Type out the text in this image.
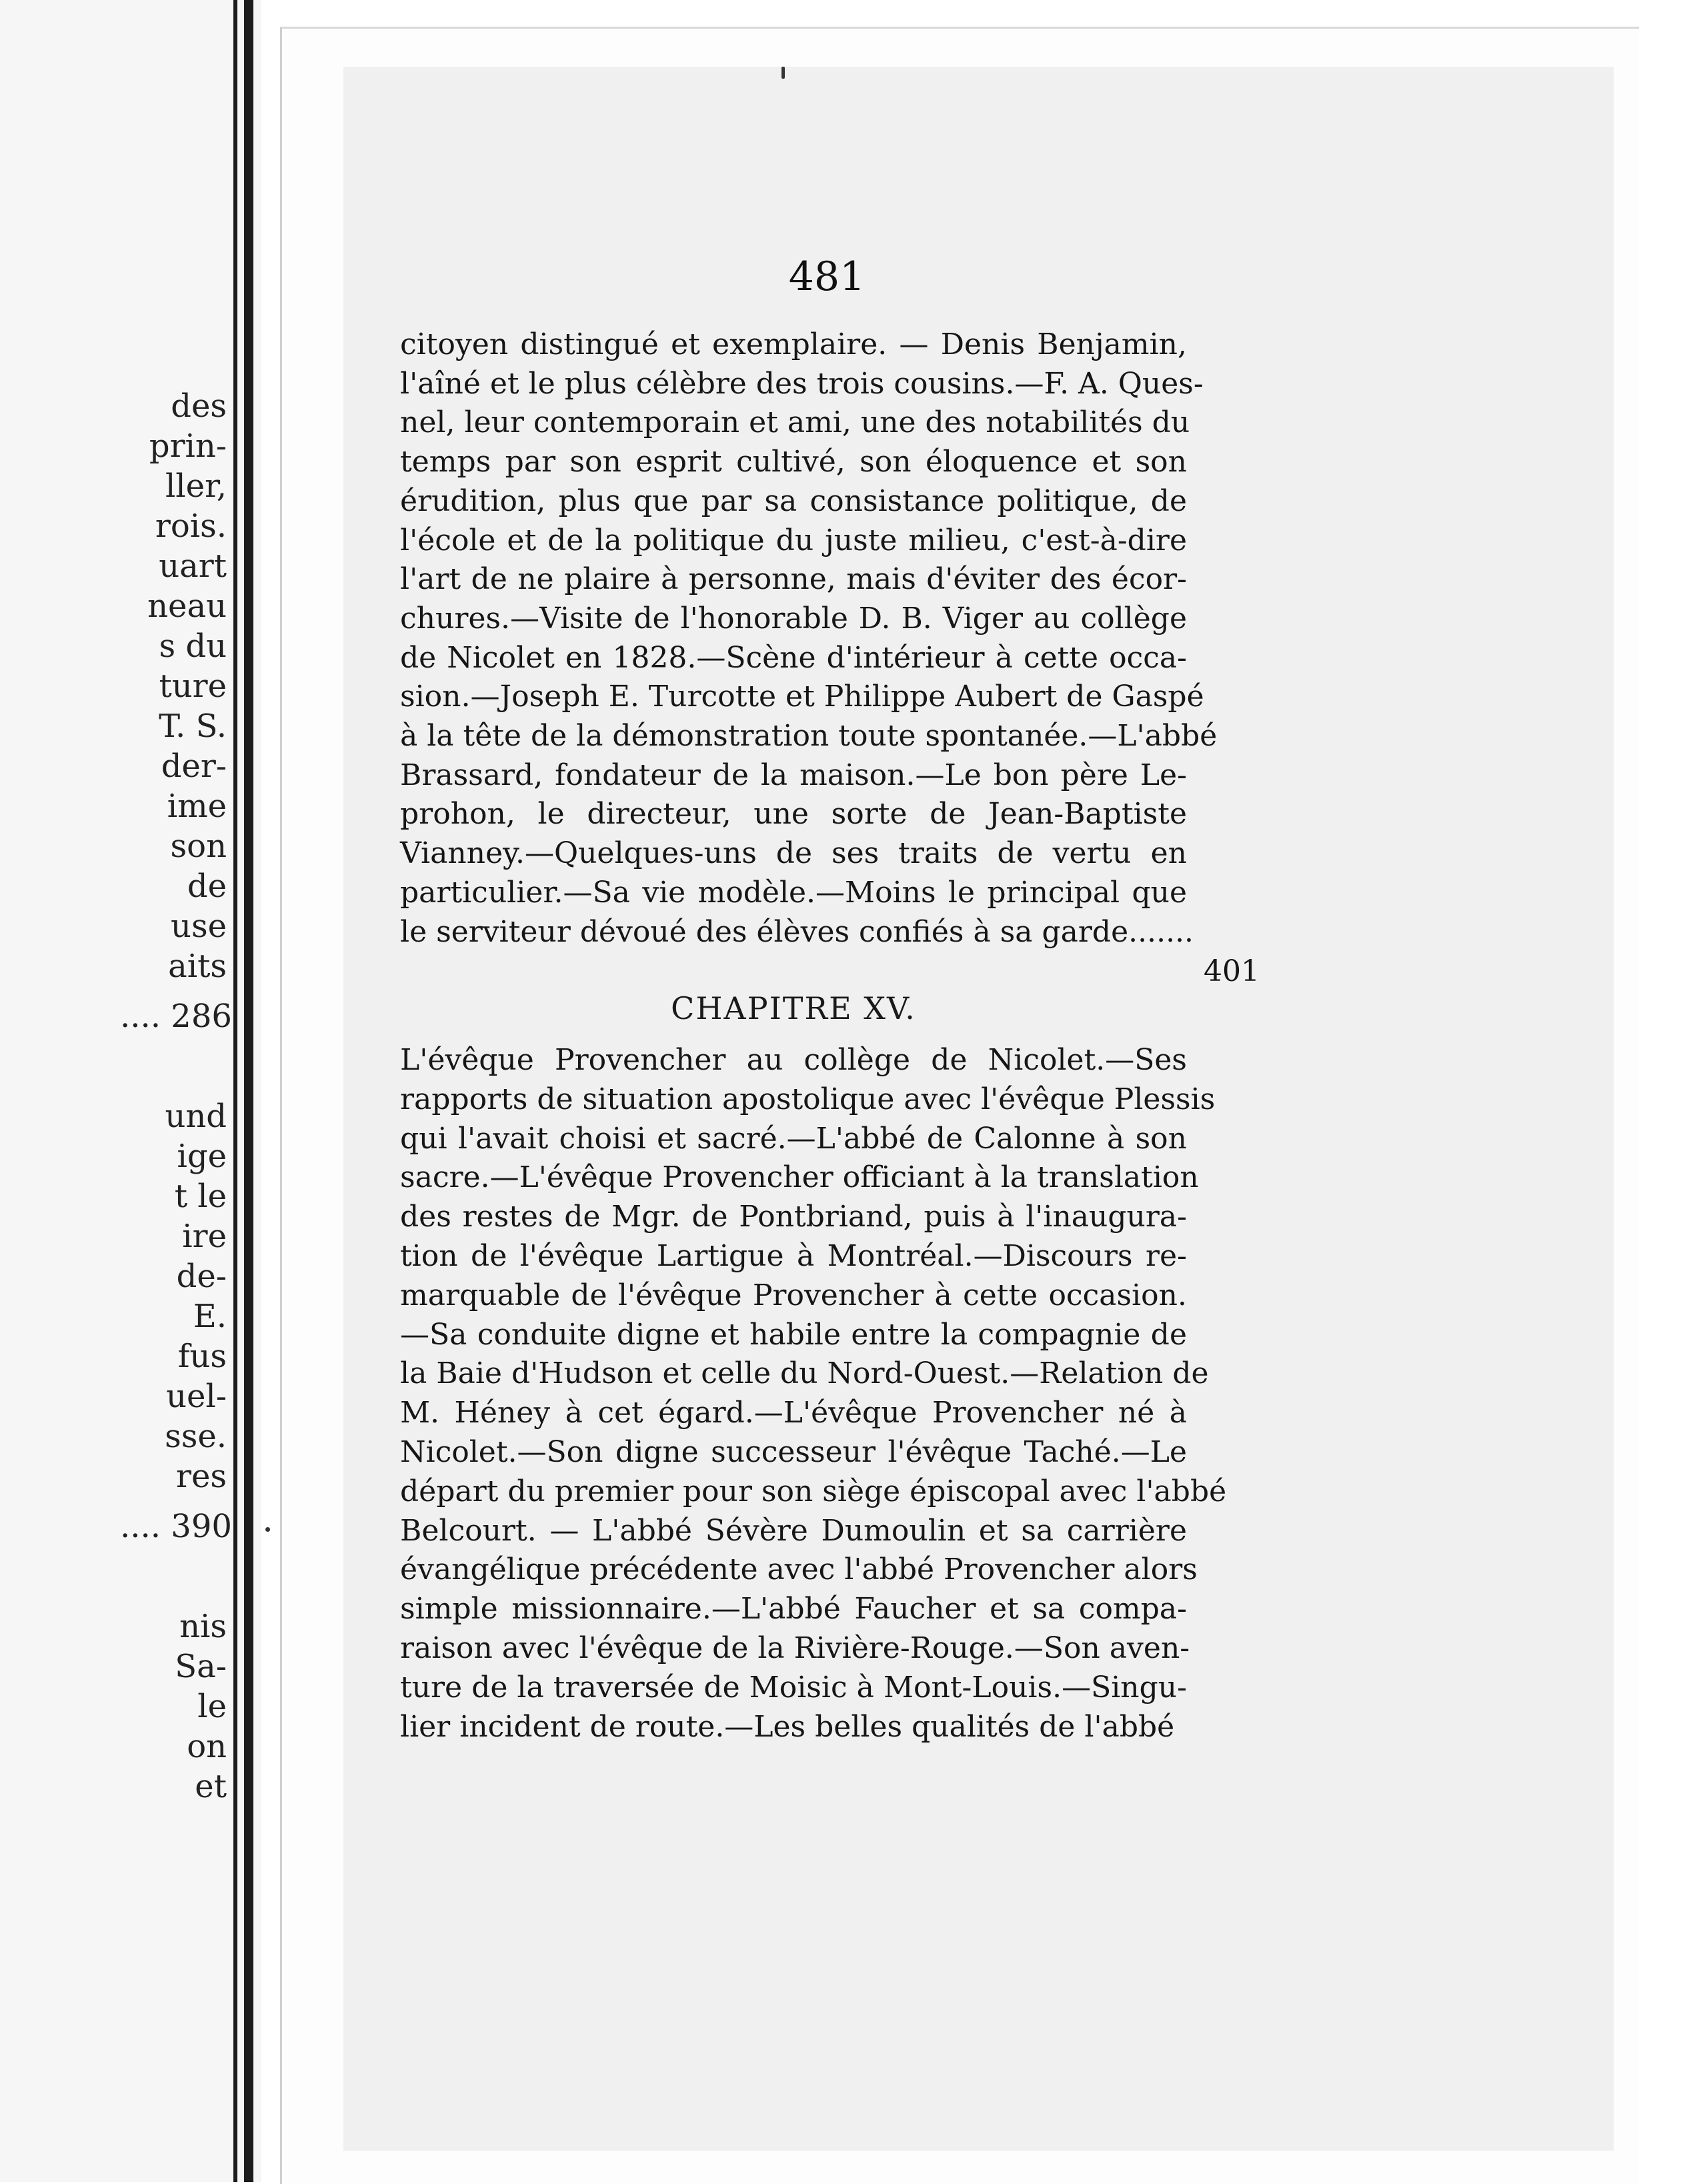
des
prin-
ller,
rois.
uart
neau
s du
ture
T. S.
der-
ime
son
de
use
aits
.... 286
und
ige
t le
ire
de-
E.
fus
uel-
sse.
res
.... 390
nis
Sa-
le
on
et
481
citoyen distingué et exemplaire. — Denis Benjamin,
l'aîné et le plus célèbre des trois cousins.—F. A. Ques-
nel, leur contemporain et ami, une des notabilités du
temps par son esprit cultivé, son éloquence et son
érudition, plus que par sa consistance politique, de
l'école et de la politique du juste milieu, c'est-à-dire
l'art de ne plaire à personne, mais d'éviter des écor-
chures.—Visite de l'honorable D. B. Viger au collège
de Nicolet en 1828.—Scène d'intérieur à cette occa-
sion.—Joseph E. Turcotte et Philippe Aubert de Gaspé
à la tête de la démonstration toute spontanée.—L'abbé
Brassard, fondateur de la maison.—Le bon père Le-
prohon, le directeur, une sorte de Jean-Baptiste
Vianney.—Quelques-uns de ses traits de vertu en
particulier.—Sa vie modèle.—Moins le principal que
le serviteur dévoué des élèves confiés à sa garde.......
L'évêque Provencher au collège de Nicolet.—Ses
rapports de situation apostolique avec l'évêque Plessis
qui l'avait choisi et sacré.—L'abbé de Calonne à son
sacre.—L'évêque Provencher officiant à la translation
des restes de Mgr. de Pontbriand, puis à l'inaugura-
tion de l'évêque Lartigue à Montréal.—Discours re-
marquable de l'évêque Provencher à cette occasion.
—Sa conduite digne et habile entre la compagnie de
la Baie d'Hudson et celle du Nord-Ouest.—Relation de
M. Héney à cet égard.—L'évêque Provencher né à
Nicolet.—Son digne successeur l'évêque Taché.—Le
départ du premier pour son siège épiscopal avec l'abbé
Belcourt. — L'abbé Sévère Dumoulin et sa carrière
évangélique précédente avec l'abbé Provencher alors
simple missionnaire.—L'abbé Faucher et sa compa-
raison avec l'évêque de la Rivière-Rouge.—Son aven-
ture de la traversée de Moisic à Mont-Louis.—Singu-
lier incident de route.—Les belles qualités de l'abbé
CHAPITRE XV.
401
